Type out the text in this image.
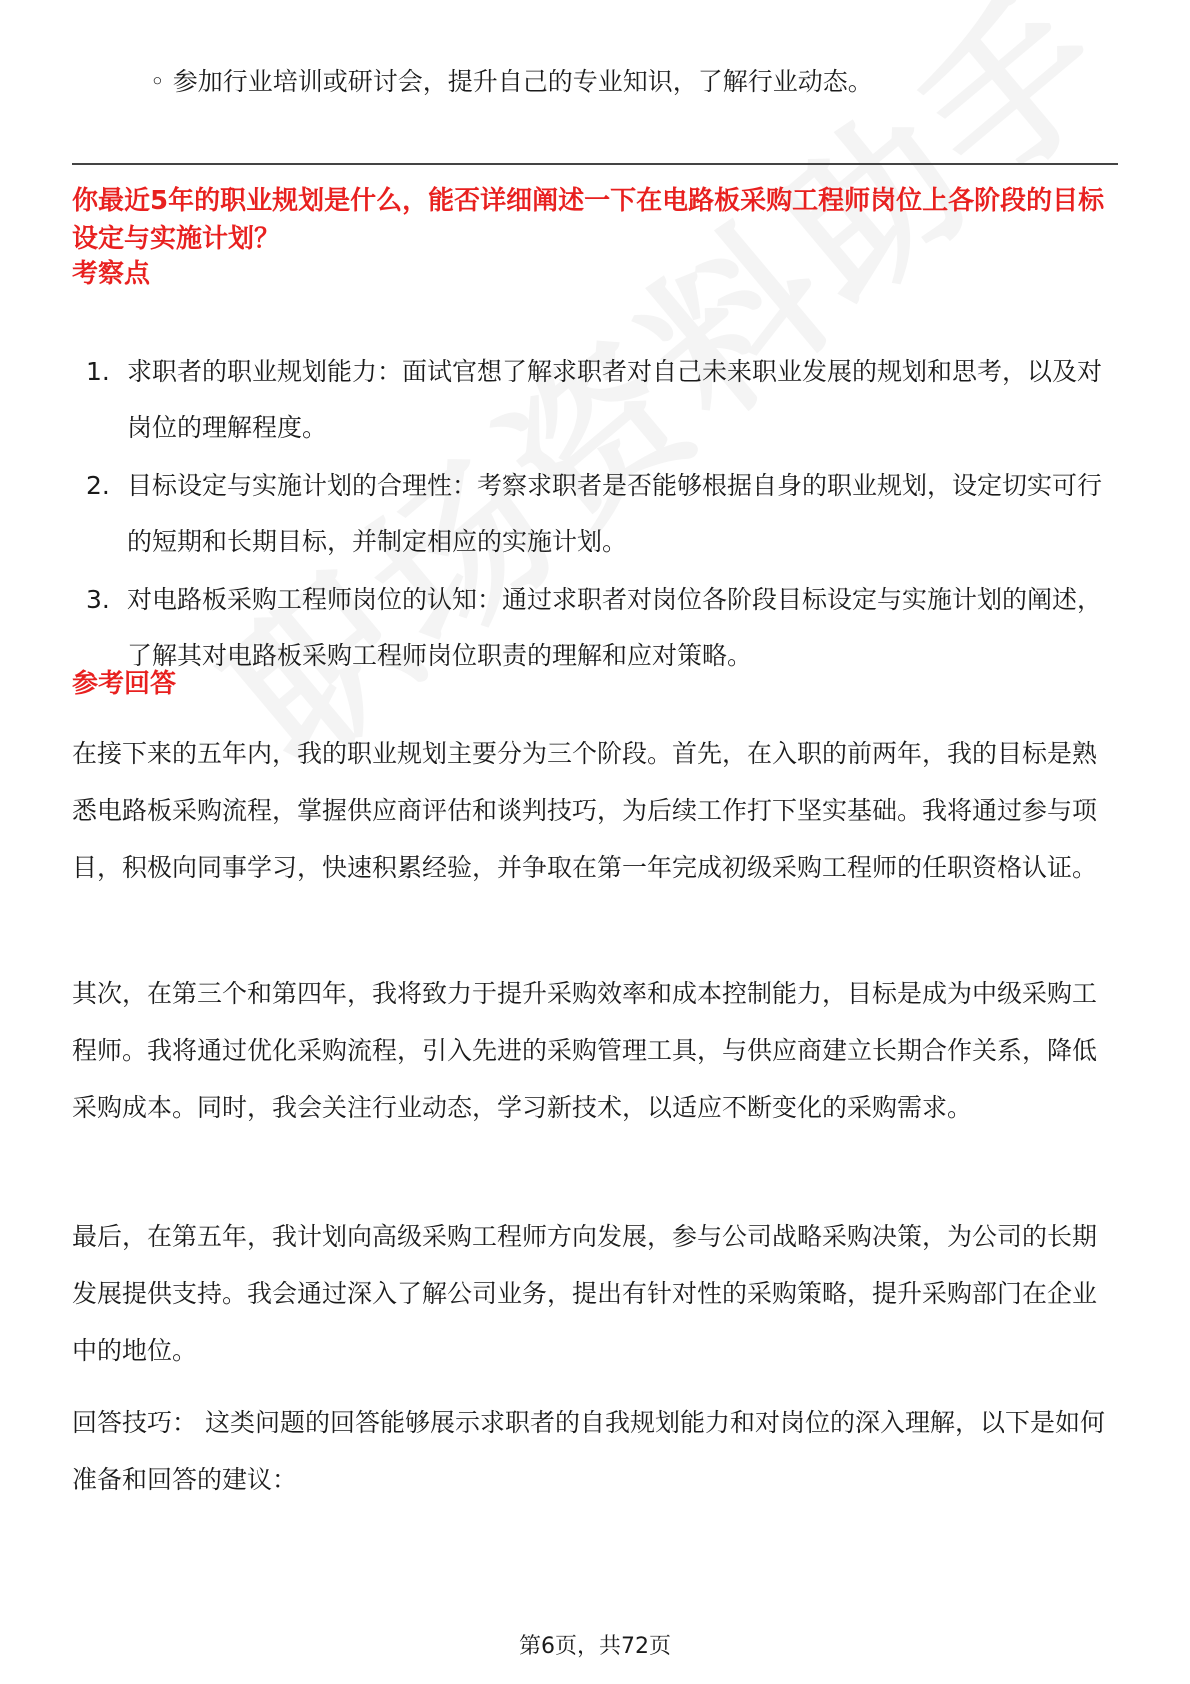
◦ 参加行业培训或研讨会，提升自己的专业知识，了解行业动态。
你最近5年的职业规划是什么，能否详细阐述一下在电路板采购工程师岗位上各阶段的目标设定与实施计划？
考察点
1. 求职者的职业规划能力：面试官想了解求职者对自己未来职业发展的规划和思考，以及对岗位的理解程度。
2. 目标设定与实施计划的合理性：考察求职者是否能够根据自身的职业规划，设定切实可行的短期和长期目标，并制定相应的实施计划。
3. 对电路板采购工程师岗位的认知：通过求职者对岗位各阶段目标设定与实施计划的阐述，了解其对电路板采购工程师岗位职责的理解和应对策略。
参考回答

在接下来的五年内，我的职业规划主要分为三个阶段。首先，在入职的前两年，我的目标是熟悉电路板采购流程，掌握供应商评估和谈判技巧，为后续工作打下坚实基础。我将通过参与项目，积极向同事学习，快速积累经验，并争取在第一年完成初级采购工程师的任职资格认证。

其次，在第三个和第四年，我将致力于提升采购效率和成本控制能力，目标是成为中级采购工程师。我将通过优化采购流程，引入先进的采购管理工具，与供应商建立长期合作关系，降低采购成本。同时，我会关注行业动态，学习新技术，以适应不断变化的采购需求。

最后，在第五年，我计划向高级采购工程师方向发展，参与公司战略采购决策，为公司的长期发展提供支持。我会通过深入了解公司业务，提出有针对性的采购策略，提升采购部门在企业中的地位。

回答技巧： 这类问题的回答能够展示求职者的自我规划能力和对岗位的深入理解，以下是如何准备和回答的建议：

第6页，共72页
